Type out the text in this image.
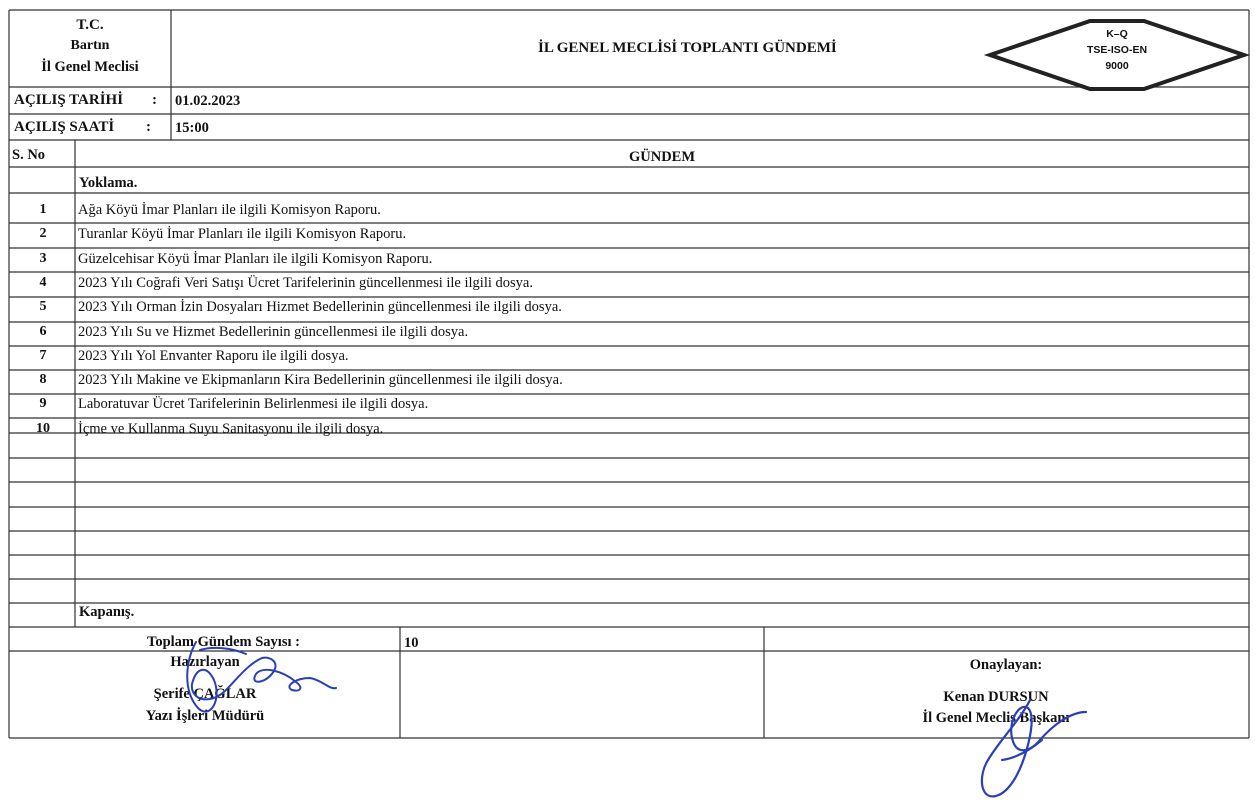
T.C.
Bartın
İl Genel Meclisi
İL GENEL MECLİSİ TOPLANTI GÜNDEMİ
K–Q
TSE-ISO-EN
9000
AÇILIŞ TARİHİ : 01.02.2023
AÇILIŞ SAATİ : 15:00
S. No	GÜNDEM
Yoklama.
1	Ağa Köyü İmar Planları ile ilgili Komisyon Raporu.
2	Turanlar Köyü İmar Planları ile ilgili Komisyon Raporu.
3	Güzelcehisar Köyü İmar Planları ile ilgili Komisyon Raporu.
4	2023 Yılı Coğrafi Veri Satışı Ücret Tarifelerinin güncellenmesi ile ilgili dosya.
5	2023 Yılı Orman İzin Dosyaları Hizmet Bedellerinin güncellenmesi ile ilgili dosya.
6	2023 Yılı Su ve Hizmet Bedellerinin güncellenmesi ile ilgili dosya.
7	2023 Yılı Yol Envanter Raporu ile ilgili dosya.
8	2023 Yılı Makine ve Ekipmanların Kira Bedellerinin güncellenmesi ile ilgili dosya.
9	Laboratuvar Ücret Tarifelerinin Belirlenmesi ile ilgili dosya.
10	İçme ve Kullanma Suyu Sanitasyonu ile ilgili dosya.
Kapanış.
Toplam Gündem Sayısı :	10
Hazırlayan
Şerife ÇAĞLAR
Yazı İşleri Müdürü
Onaylayan:
Kenan DURSUN
İl Genel Meclis Başkanı
